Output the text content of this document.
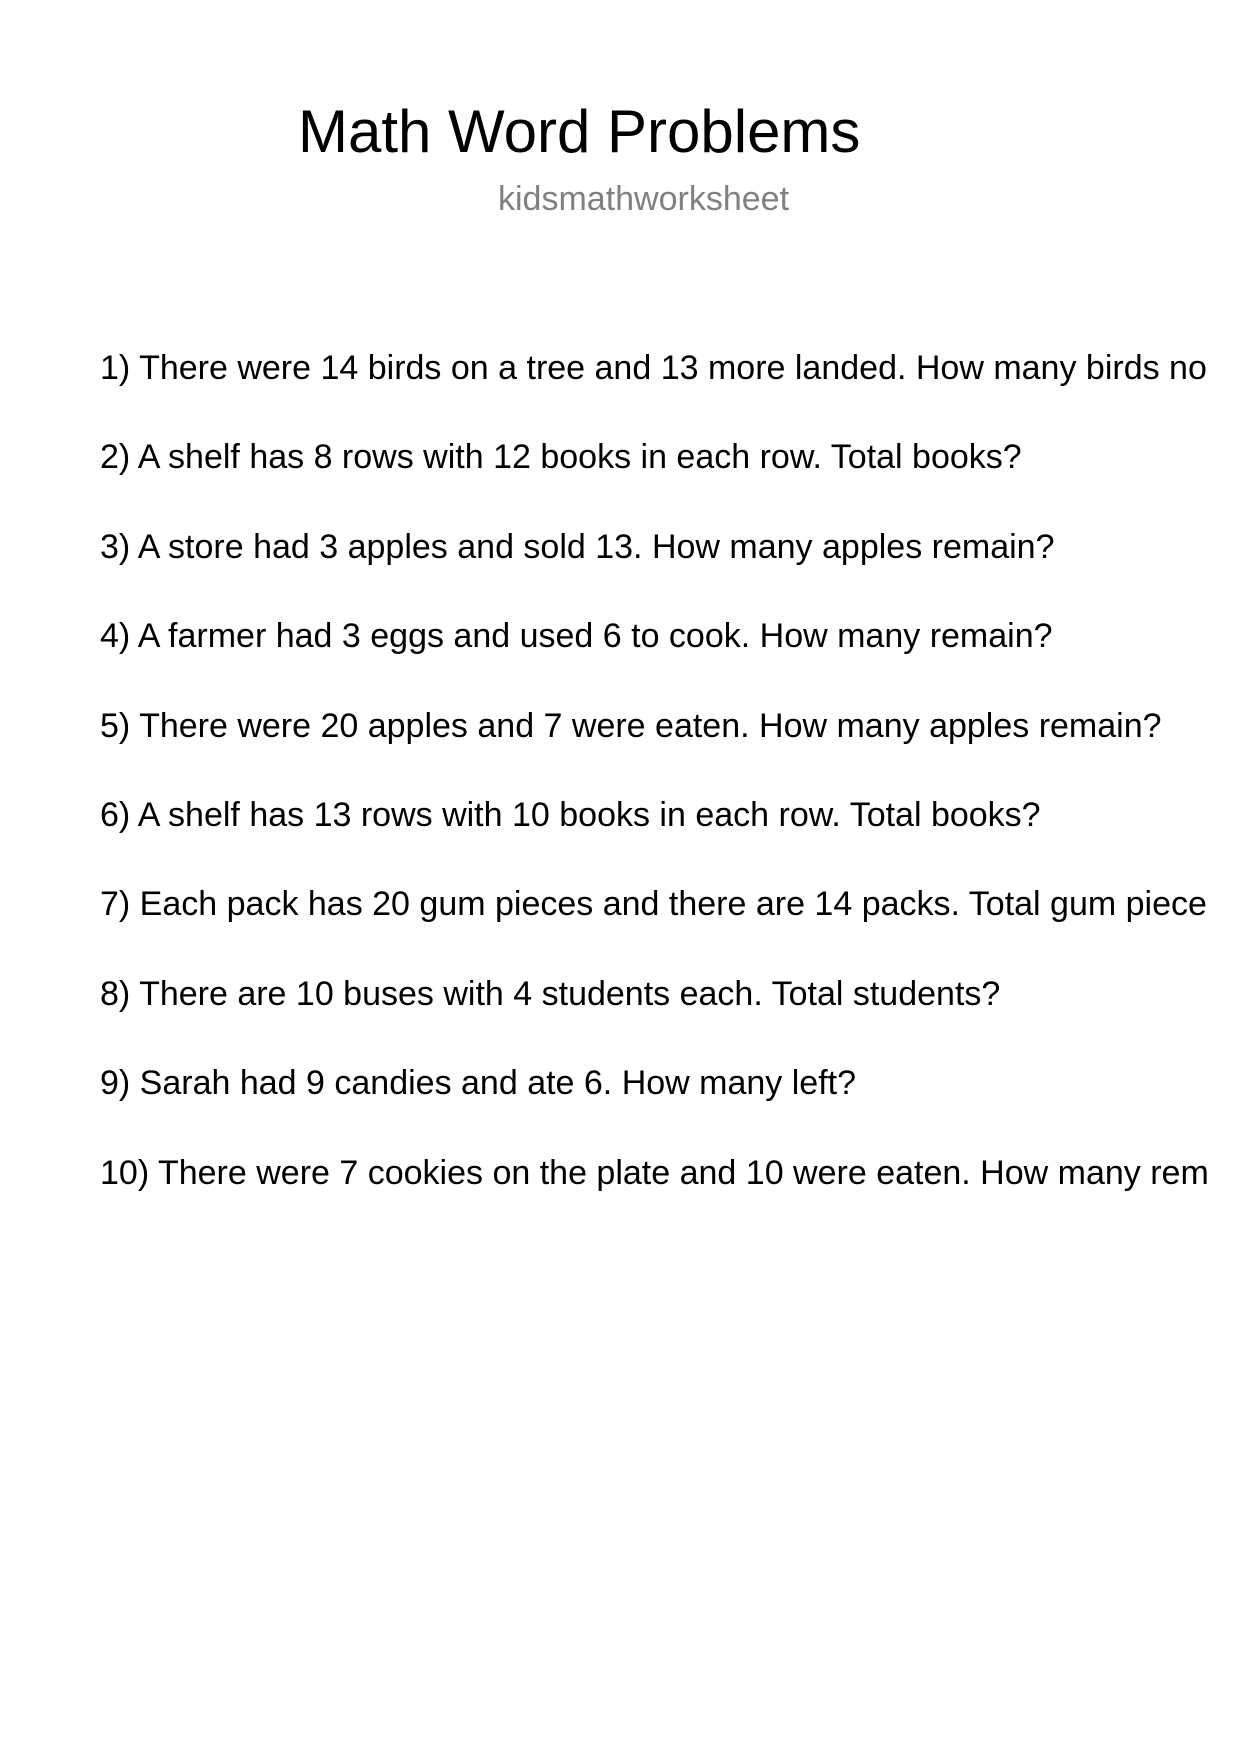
Math Word Problems
kidsmathworksheet
1) There were 14 birds on a tree and 13 more landed. How many birds no
2) A shelf has 8 rows with 12 books in each row. Total books?
3) A store had 3 apples and sold 13. How many apples remain?
4) A farmer had 3 eggs and used 6 to cook. How many remain?
5) There were 20 apples and 7 were eaten. How many apples remain?
6) A shelf has 13 rows with 10 books in each row. Total books?
7) Each pack has 20 gum pieces and there are 14 packs. Total gum piece
8) There are 10 buses with 4 students each. Total students?
9) Sarah had 9 candies and ate 6. How many left?
10) There were 7 cookies on the plate and 10 were eaten. How many rem
